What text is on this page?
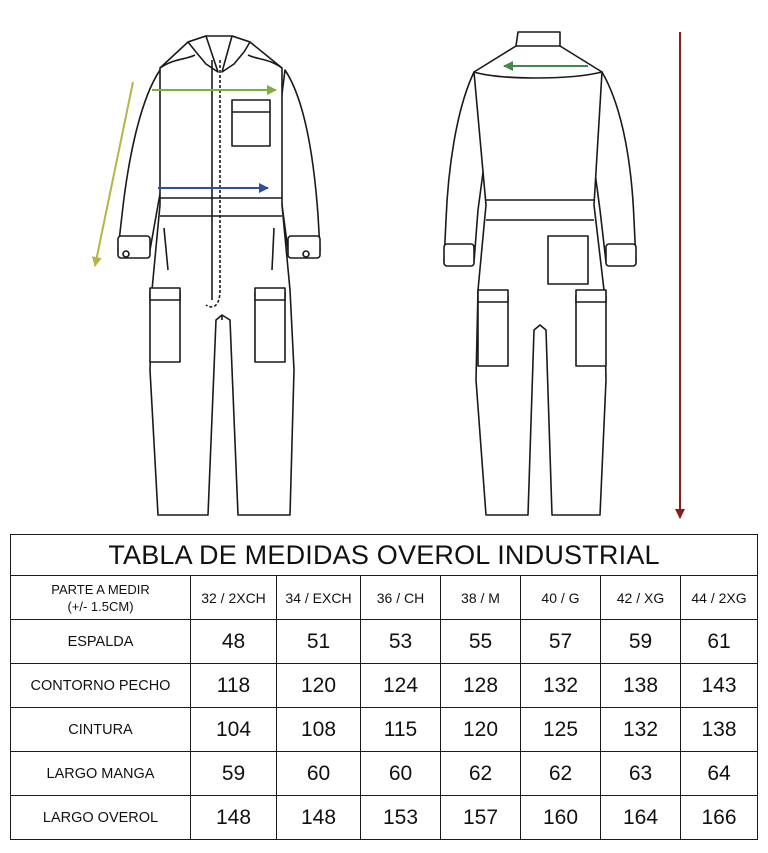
TABLA DE MEDIDAS OVEROL INDUSTRIAL							

PARTE A MEDIR
(+/- 1.5CM)	32 / 2XCH	34 / EXCH	36 / CH	38 / M	40 / G	42 / XG	44 / 2XG
ESPALDA	48	51	53	55	57	59	61
CONTORNO PECHO	118	120	124	128	132	138	143
CINTURA	104	108	115	120	125	132	138
LARGO MANGA	59	60	60	62	62	63	64
LARGO OVEROL	148	148	153	157	160	164	166
